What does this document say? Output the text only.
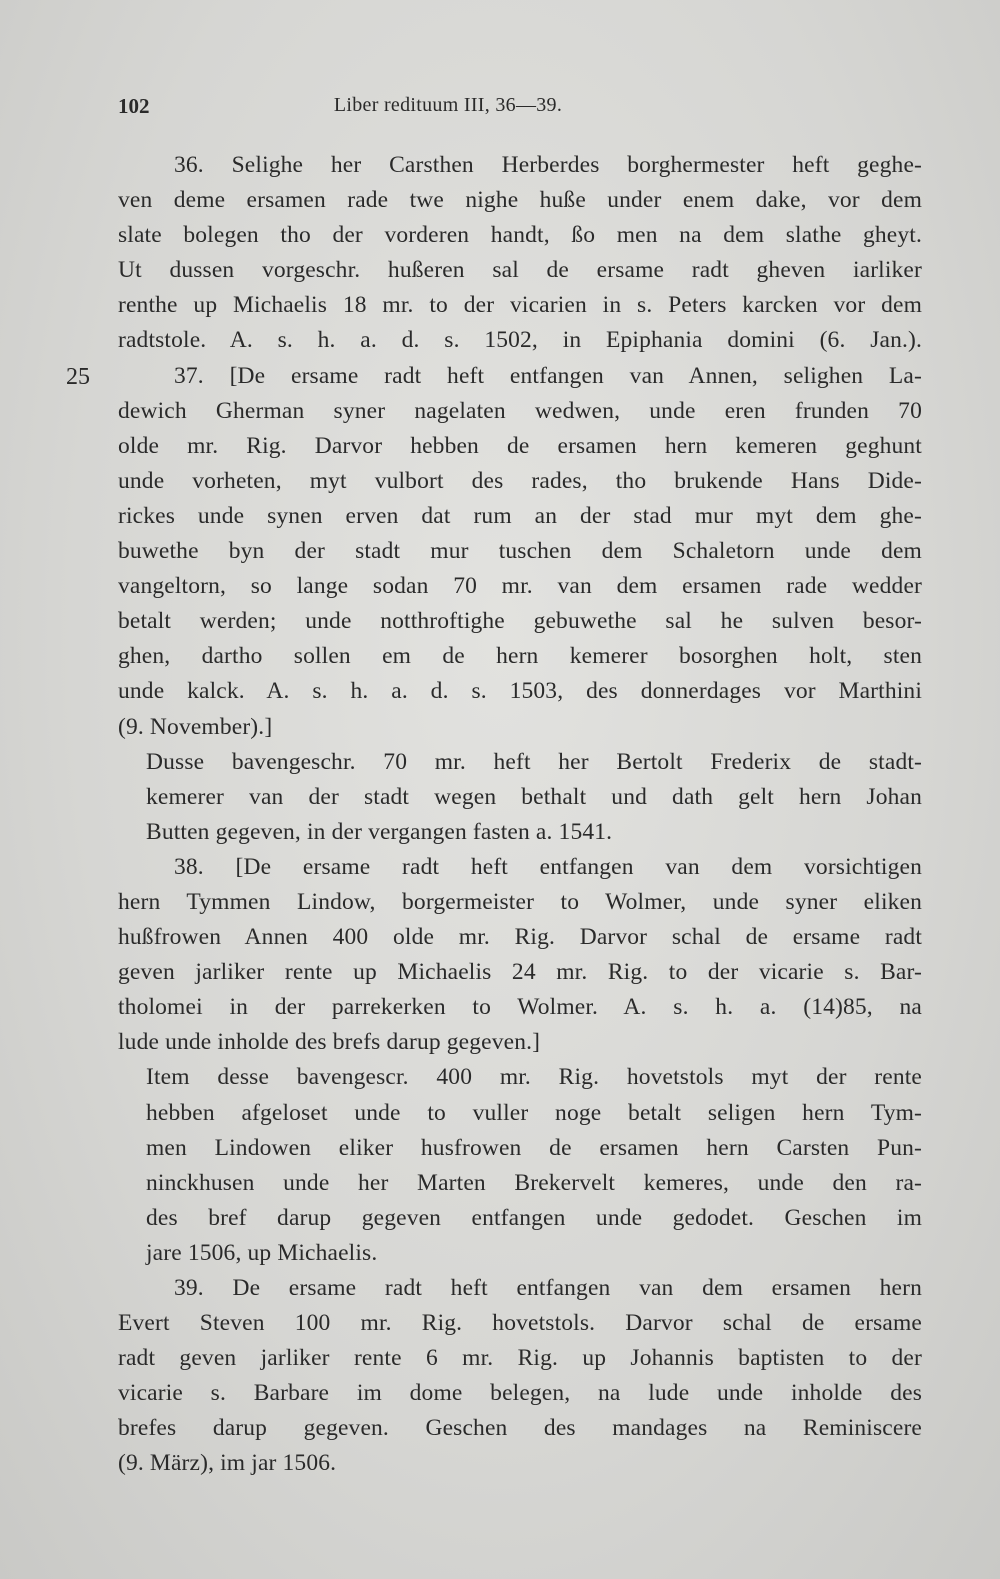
102	Liber redituum III, 36—39.
25
36. Selighe her Carsthen Herberdes borghermester heft geghe-
ven deme ersamen rade twe nighe huße under enem dake, vor dem
slate bolegen tho der vorderen handt, ßo men na dem slathe gheyt.
Ut dussen vorgeschr. hußeren sal de ersame radt gheven iarliker
renthe up Michaelis 18 mr. to der vicarien in s. Peters karcken vor dem
radtstole. A. s. h. a. d. s. 1502, in Epiphania domini (6. Jan.).
37. [De ersame radt heft entfangen van Annen, selighen La-
dewich Gherman syner nagelaten wedwen, unde eren frunden 70
olde mr. Rig. Darvor hebben de ersamen hern kemeren geghunt
unde vorheten, myt vulbort des rades, tho brukende Hans Dide-
rickes unde synen erven dat rum an der stad mur myt dem ghe-
buwethe byn der stadt mur tuschen dem Schaletorn unde dem
vangeltorn, so lange sodan 70 mr. van dem ersamen rade wedder
betalt werden; unde notthroftighe gebuwethe sal he sulven besor-
ghen, dartho sollen em de hern kemerer bosorghen holt, sten
unde kalck. A. s. h. a. d. s. 1503, des donnerdages vor Marthini
(9. November).]
Dusse bavengeschr. 70 mr. heft her Bertolt Frederix de stadt-
kemerer van der stadt wegen bethalt und dath gelt hern Johan
Butten gegeven, in der vergangen fasten a. 1541.
38. [De ersame radt heft entfangen van dem vorsichtigen
hern Tymmen Lindow, borgermeister to Wolmer, unde syner eliken
hußfrowen Annen 400 olde mr. Rig. Darvor schal de ersame radt
geven jarliker rente up Michaelis 24 mr. Rig. to der vicarie s. Bar-
tholomei in der parrekerken to Wolmer. A. s. h. a. (14)85, na
lude unde inholde des brefs darup gegeven.]
Item desse bavengescr. 400 mr. Rig. hovetstols myt der rente
hebben afgeloset unde to vuller noge betalt seligen hern Tym-
men Lindowen eliker husfrowen de ersamen hern Carsten Pun-
ninckhusen unde her Marten Brekervelt kemeres, unde den ra-
des bref darup gegeven entfangen unde gedodet. Geschen im
jare 1506, up Michaelis.
39. De ersame radt heft entfangen van dem ersamen hern
Evert Steven 100 mr. Rig. hovetstols. Darvor schal de ersame
radt geven jarliker rente 6 mr. Rig. up Johannis baptisten to der
vicarie s. Barbare im dome belegen, na lude unde inholde des
brefes darup gegeven. Geschen des mandages na Reminiscere
(9. März), im jar 1506.
